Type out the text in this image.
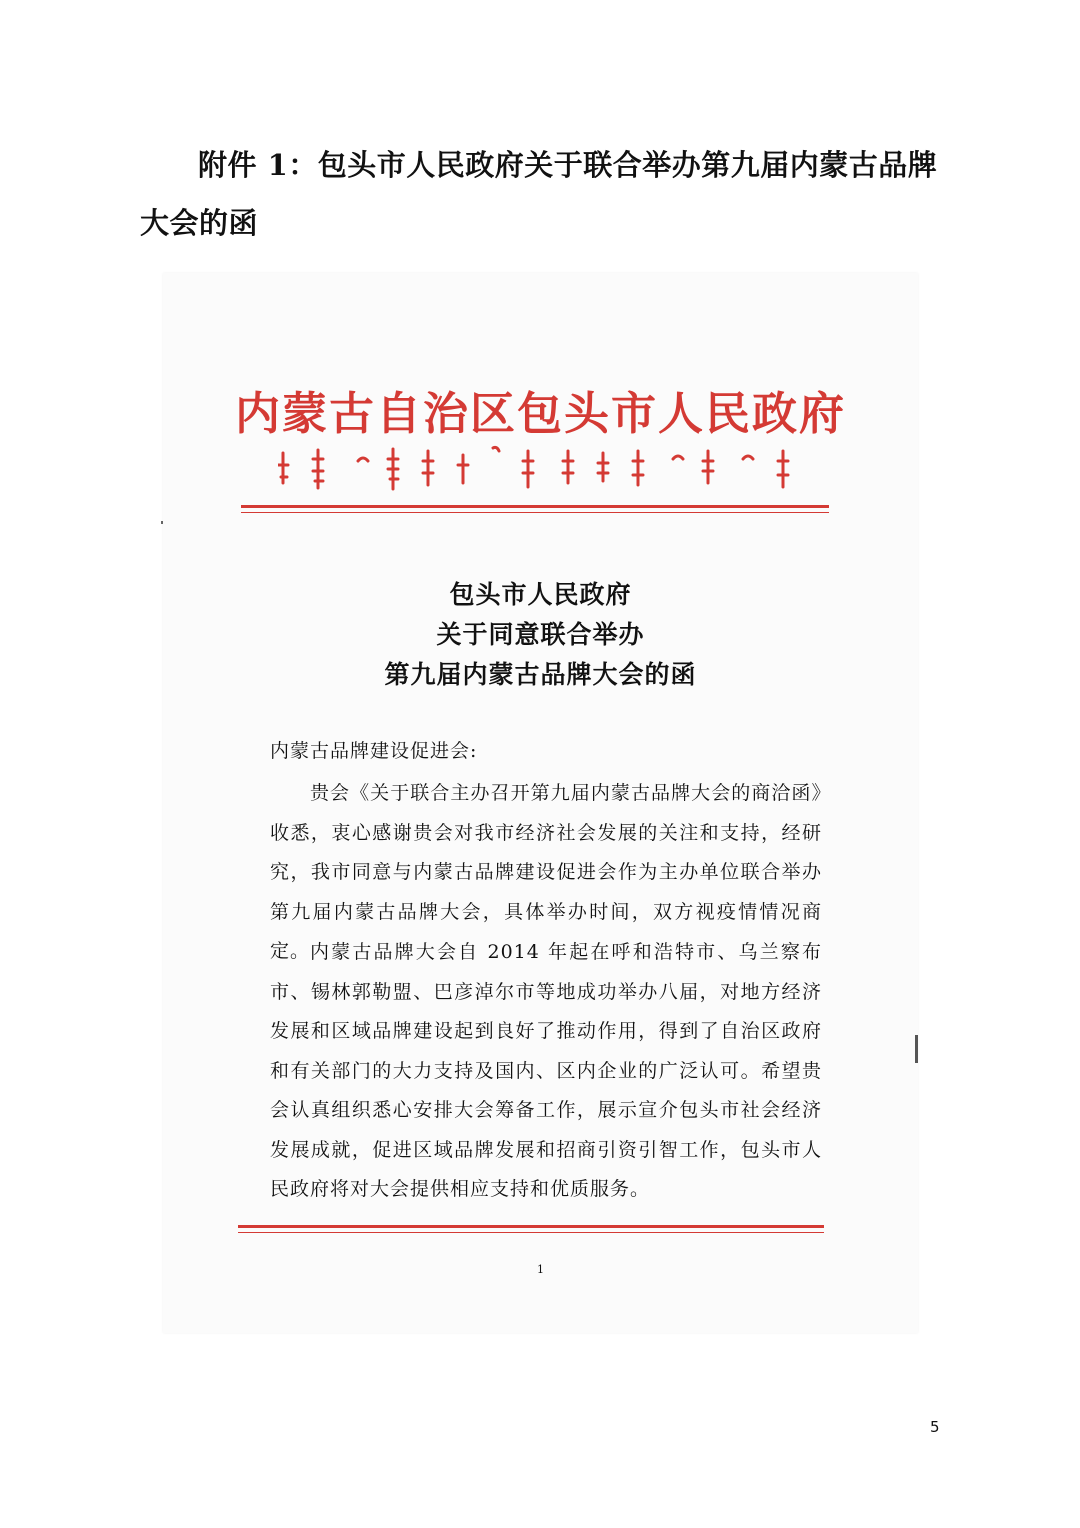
附件 1：包头市人民政府关于联合举办第九届内蒙古品牌大会的函
内蒙古自治区包头市人民政府
包头市人民政府
关于同意联合举办
第九届内蒙古品牌大会的函
内蒙古品牌建设促进会:
贵会《关于联合主办召开第九届内蒙古品牌大会的商洽函》收悉，衷心感谢贵会对我市经济社会发展的关注和支持，经研究，我市同意与内蒙古品牌建设促进会作为主办单位联合举办第九届内蒙古品牌大会，具体举办时间，双方视疫情情况商定。 内蒙古品牌大会自 2014 年起在呼和浩特市、乌兰察布市、锡林郭勒盟、巴彦淖尔市等地成功举办八届，对地方经济发展和区域品牌建设起到良好了推动作用，得到了自治区政府和有关部门的大力支持及国内、区内企业的广泛认可。希望贵会认真组织悉心安排大会筹备工作，展示宣介包头市社会经济发展成就，促进区域品牌发展和招商引资引智工作，包头市人民政府将对大会提供相应支持和优质服务。
1
5
